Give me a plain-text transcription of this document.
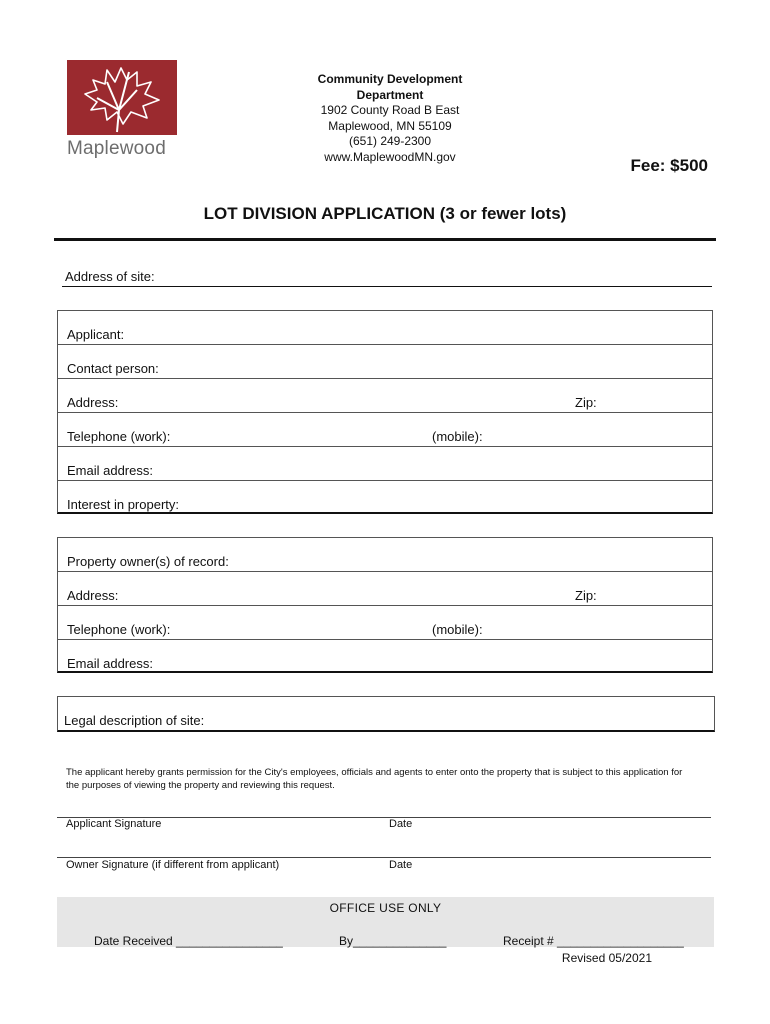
Maplewood
Community Development
Department
1902 County Road B East
Maplewood, MN 55109
(651) 249-2300
www.MaplewoodMN.gov	Fee: $500
LOT DIVISION APPLICATION (3 or fewer lots)
Address of site:
Applicant:
Contact person:
Address:	Zip:
Telephone (work):	(mobile):
Email address:
Interest in property:
Property owner(s) of record:
Address:	Zip:
Telephone (work):	(mobile):
Email address:
Legal description of site:
The applicant hereby grants permission for the City's employees, officials and agents to enter onto the property that is subject to this application for the purposes of viewing the property and reviewing this request.
Applicant Signature	Date
Owner Signature (if different from applicant)	Date
OFFICE USE ONLY
Date Received ________________	By______________	Receipt # ___________________
Revised 05/2021
